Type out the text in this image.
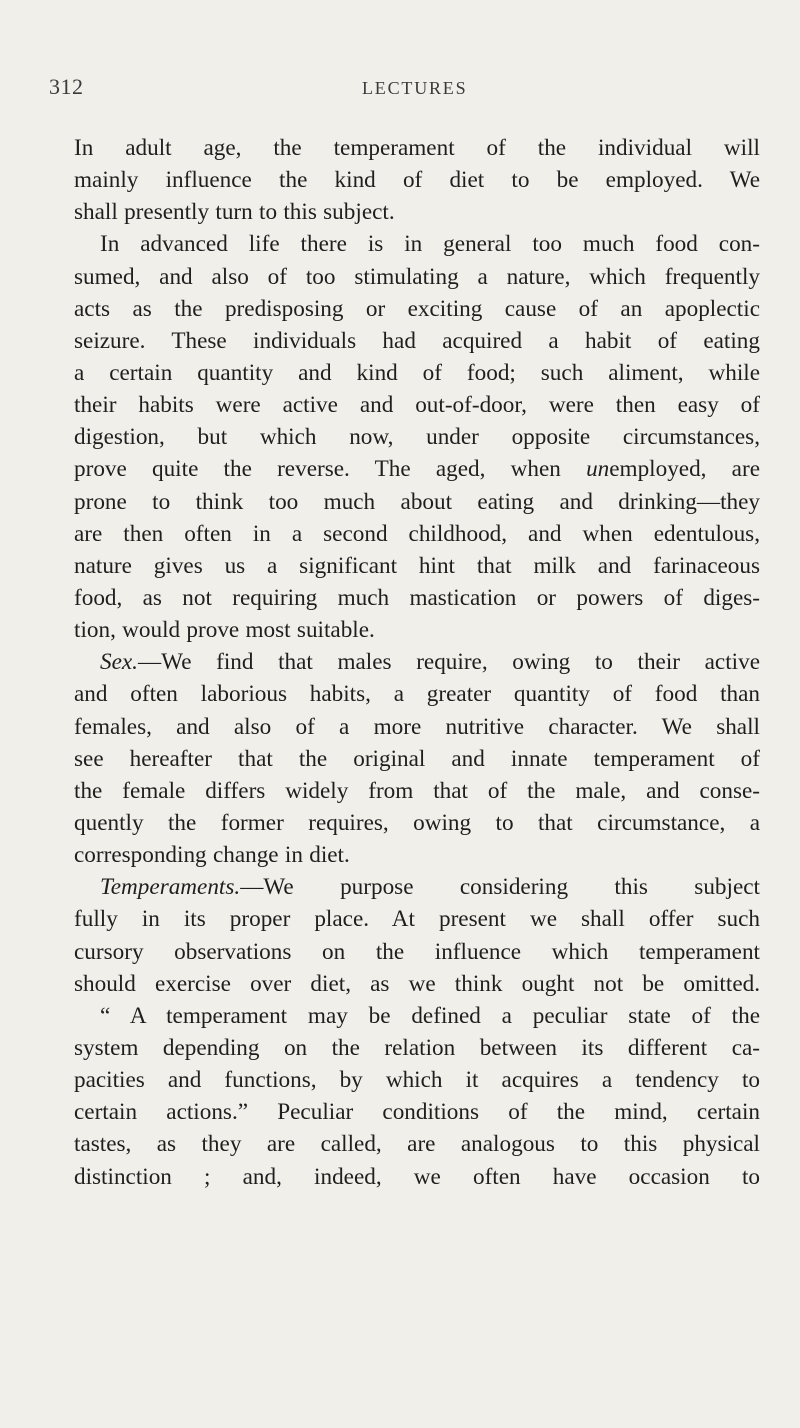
312	LECTURES
In adult age, the temperament of the individual will
mainly influence the kind of diet to be employed. We
shall presently turn to this subject.
In advanced life there is in general too much food con-
sumed, and also of too stimulating a nature, which frequently
acts as the predisposing or exciting cause of an apoplectic
seizure. These individuals had acquired a habit of eating
a certain quantity and kind of food; such aliment, while
their habits were active and out-of-door, were then easy of
digestion, but which now, under opposite circumstances,
prove quite the reverse. The aged, when unemployed, are
prone to think too much about eating and drinking—they
are then often in a second childhood, and when edentulous,
nature gives us a significant hint that milk and farinaceous
food, as not requiring much mastication or powers of diges-
tion, would prove most suitable.
Sex.—We find that males require, owing to their active
and often laborious habits, a greater quantity of food than
females, and also of a more nutritive character. We shall
see hereafter that the original and innate temperament of
the female differs widely from that of the male, and conse-
quently the former requires, owing to that circumstance, a
corresponding change in diet.
Temperaments.—We purpose considering this subject
fully in its proper place. At present we shall offer such
cursory observations on the influence which temperament
should exercise over diet, as we think ought not be omitted.
“ A temperament may be defined a peculiar state of the
system depending on the relation between its different ca-
pacities and functions, by which it acquires a tendency to
certain actions.” Peculiar conditions of the mind, certain
tastes, as they are called, are analogous to this physical
distinction ; and, indeed, we often have occasion to
